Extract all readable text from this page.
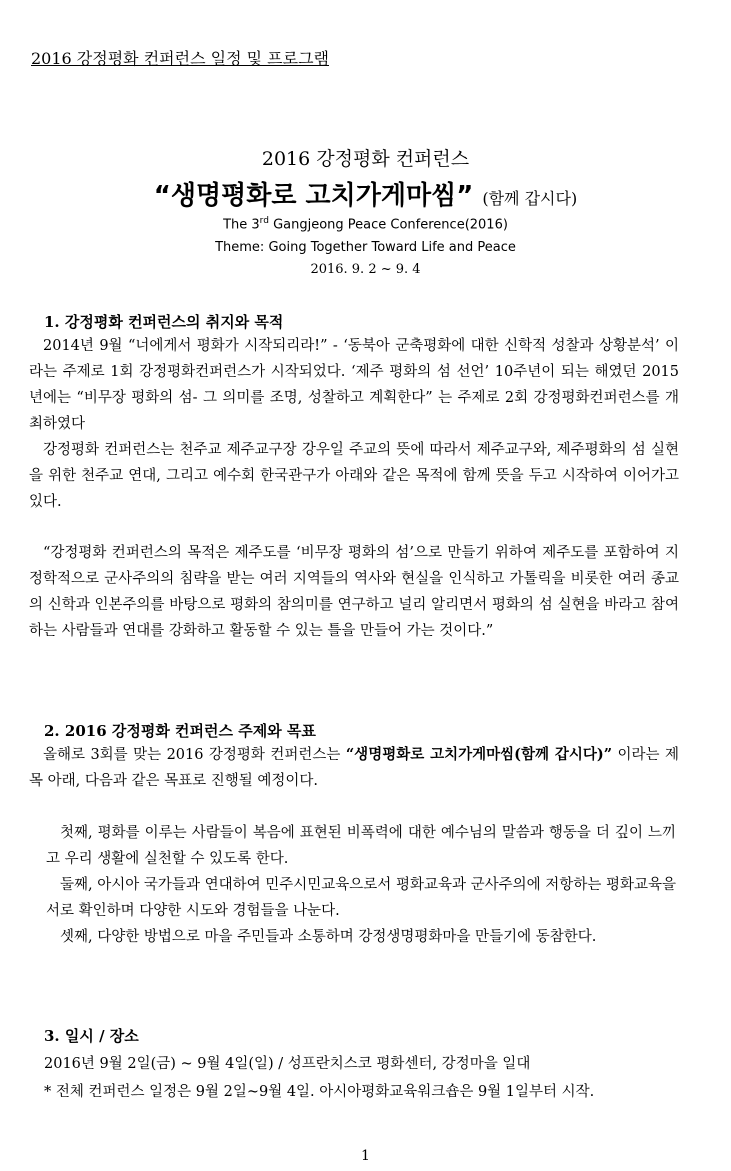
2016 강정평화 컨퍼런스 일정 및 프로그램
2016 강정평화 컨퍼런스
“생명평화로 고치가게마씸” (함께 갑시다)
The 3rd Gangjeong Peace Conference(2016)
Theme: Going Together Toward Life and Peace
2016. 9. 2 ~ 9. 4
1. 강정평화 컨퍼런스의 취지와 목적
2014년 9월 “너에게서 평화가 시작되리라!” - ‘동북아 군축평화에 대한 신학적 성찰과 상황분석’ 이라는 주제로 1회 강정평화컨퍼런스가 시작되었다. ‘제주 평화의 섬 선언’ 10주년이 되는 해였던 2015년에는 “비무장 평화의 섬- 그 의미를 조명, 성찰하고 계획한다” 는 주제로 2회 강정평화컨퍼런스를 개최하였다
강정평화 컨퍼런스는 천주교 제주교구장 강우일 주교의 뜻에 따라서 제주교구와, 제주평화의 섬 실현을 위한 천주교 연대, 그리고 예수회 한국관구가 아래와 같은 목적에 함께 뜻을 두고 시작하여 이어가고 있다.
“강정평화 컨퍼런스의 목적은 제주도를 ‘비무장 평화의 섬’으로 만들기 위하여 제주도를 포함하여 지정학적으로 군사주의의 침략을 받는 여러 지역들의 역사와 현실을 인식하고 가톨릭을 비롯한 여러 종교의 신학과 인본주의를 바탕으로 평화의 참의미를 연구하고 널리 알리면서 평화의 섬 실현을 바라고 참여하는 사람들과 연대를 강화하고 활동할 수 있는 틀을 만들어 가는 것이다.”
2. 2016 강정평화 컨퍼런스 주제와 목표
올해로 3회를 맞는 2016 강정평화 컨퍼런스는 “생명평화로 고치가게마씸(함께 갑시다)” 이라는 제목 아래, 다음과 같은 목표로 진행될 예정이다.
첫째, 평화를 이루는 사람들이 복음에 표현된 비폭력에 대한 예수님의 말씀과 행동을 더 깊이 느끼고 우리 생활에 실천할 수 있도록 한다.
둘째, 아시아 국가들과 연대하여 민주시민교육으로서 평화교육과 군사주의에 저항하는 평화교육을 서로 확인하며 다양한 시도와 경험들을 나눈다.
셋째, 다양한 방법으로 마을 주민들과 소통하며 강정생명평화마을 만들기에 동참한다.
3. 일시 / 장소
2016년 9월 2일(금) ~ 9월 4일(일) / 성프란치스코 평화센터, 강정마을 일대
* 전체 컨퍼런스 일정은 9월 2일~9월 4일. 아시아평화교육워크숍은 9월 1일부터 시작.
1
